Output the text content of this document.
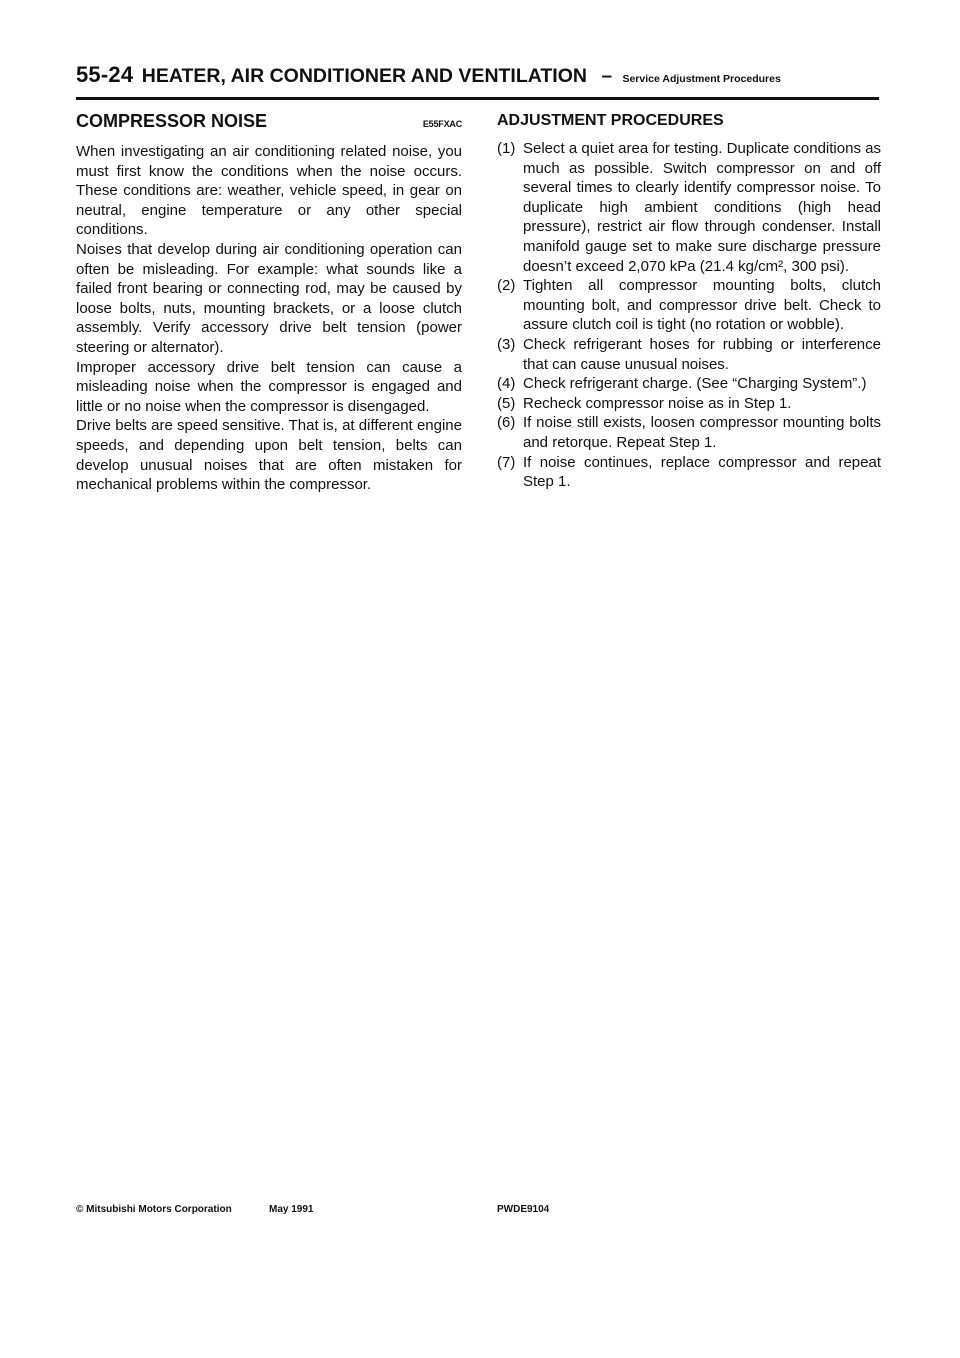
55-24 HEATER, AIR CONDITIONER AND VENTILATION – Service Adjustment Procedures
COMPRESSOR NOISE	E55FXAC

When investigating an air conditioning related noise, you must first know the conditions when the noise occurs. These conditions are: weather, vehicle speed, in gear on neutral, engine temperature or any other special conditions.

Noises that develop during air conditioning operation can often be misleading. For example: what sounds like a failed front bearing or connecting rod, may be caused by loose bolts, nuts, mounting brackets, or a loose clutch assembly. Verify accessory drive belt tension (power steering or alternator).

Improper accessory drive belt tension can cause a misleading noise when the compressor is engaged and little or no noise when the compressor is disengaged.

Drive belts are speed sensitive. That is, at different engine speeds, and depending upon belt tension, belts can develop unusual noises that are often mistaken for mechanical problems within the compressor.

ADJUSTMENT PROCEDURES
(1) Select a quiet area for testing. Duplicate conditions as much as possible. Switch compressor on and off several times to clearly identify compressor noise. To duplicate high ambient conditions (high head pressure), restrict air flow through condenser. Install manifold gauge set to make sure discharge pressure doesn’t exceed 2,070 kPa (21.4 kg/cm², 300 psi).
(2) Tighten all compressor mounting bolts, clutch mounting bolt, and compressor drive belt. Check to assure clutch coil is tight (no rotation or wobble).
(3) Check refrigerant hoses for rubbing or interference that can cause unusual noises.
(4) Check refrigerant charge. (See “Charging System”.)
(5) Recheck compressor noise as in Step 1.
(6) If noise still exists, loosen compressor mounting bolts and retorque. Repeat Step 1.
(7) If noise continues, replace compressor and repeat Step 1.
© Mitsubishi Motors Corporation	May 1991	PWDE9104
